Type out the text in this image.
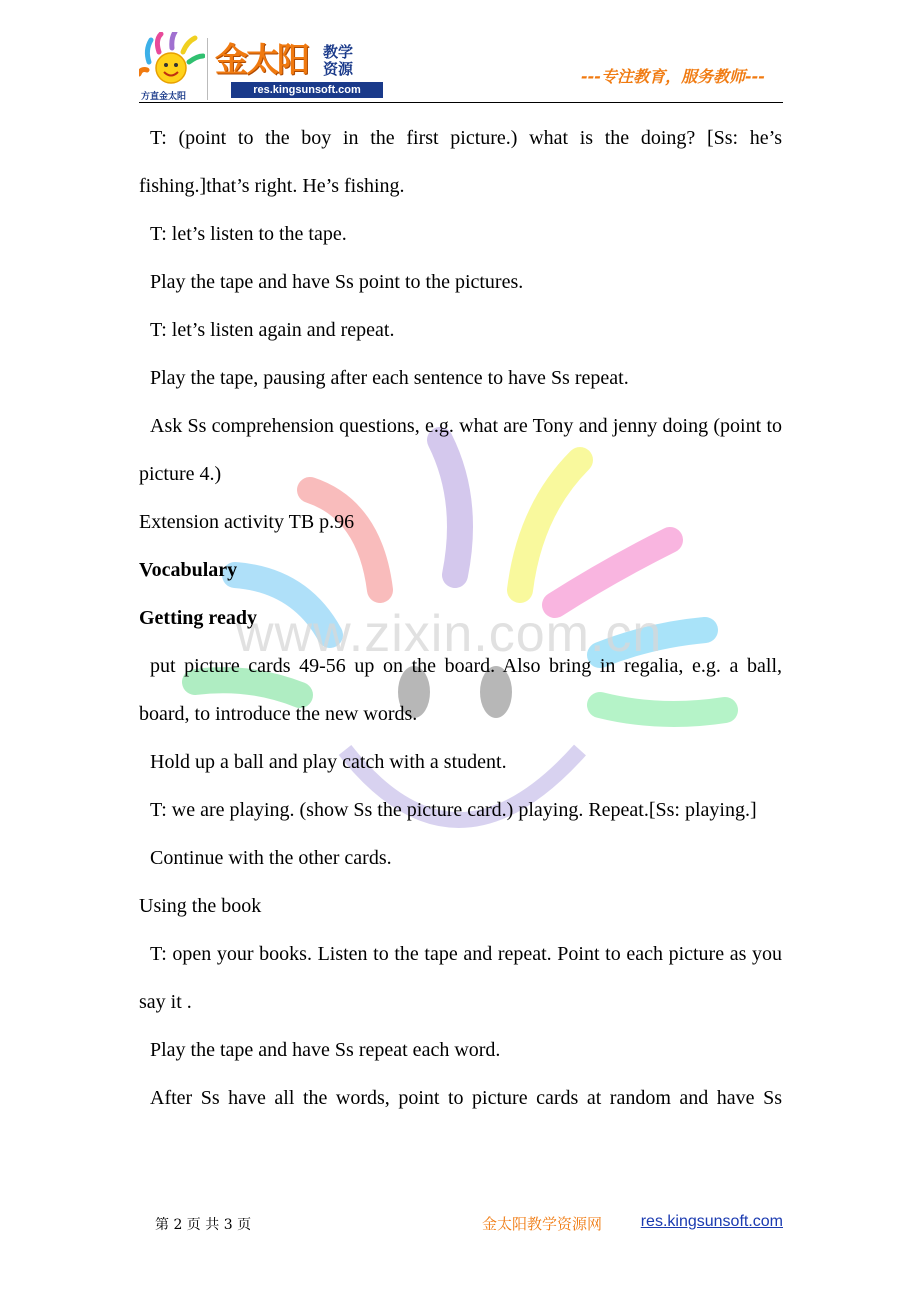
方直金太阳
金太阳 教学资源
res.kingsunsoft.com
---专注教育，服务教师---
www.zixin.com.cn

T: (point to the boy in the first picture.) what is the doing? [Ss: he’s fishing.]that’s right. He’s fishing.

T: let’s listen to the tape.

Play the tape and have Ss point to the pictures.

T: let’s listen again and repeat.

Play the tape, pausing after each sentence to have Ss repeat.

Ask Ss comprehension questions, e.g. what are Tony and jenny doing (point to picture 4.)

Extension activity TB p.96

Vocabulary

Getting ready

put picture cards 49-56 up on the board. Also bring in regalia, e.g. a ball, board, to introduce the new words.

Hold up a ball and play catch with a student.

T: we are playing. (show Ss the picture card.) playing. Repeat.[Ss: playing.]

Continue with the other cards.

Using the book

T: open your books. Listen to the tape and repeat. Point to each picture as you say it .

Play the tape and have Ss repeat each word.

After Ss have all the words, point to picture cards at random and have Ss

第 2 页 共 3 页	金太阳教学资源网 res.kingsunsoft.com
